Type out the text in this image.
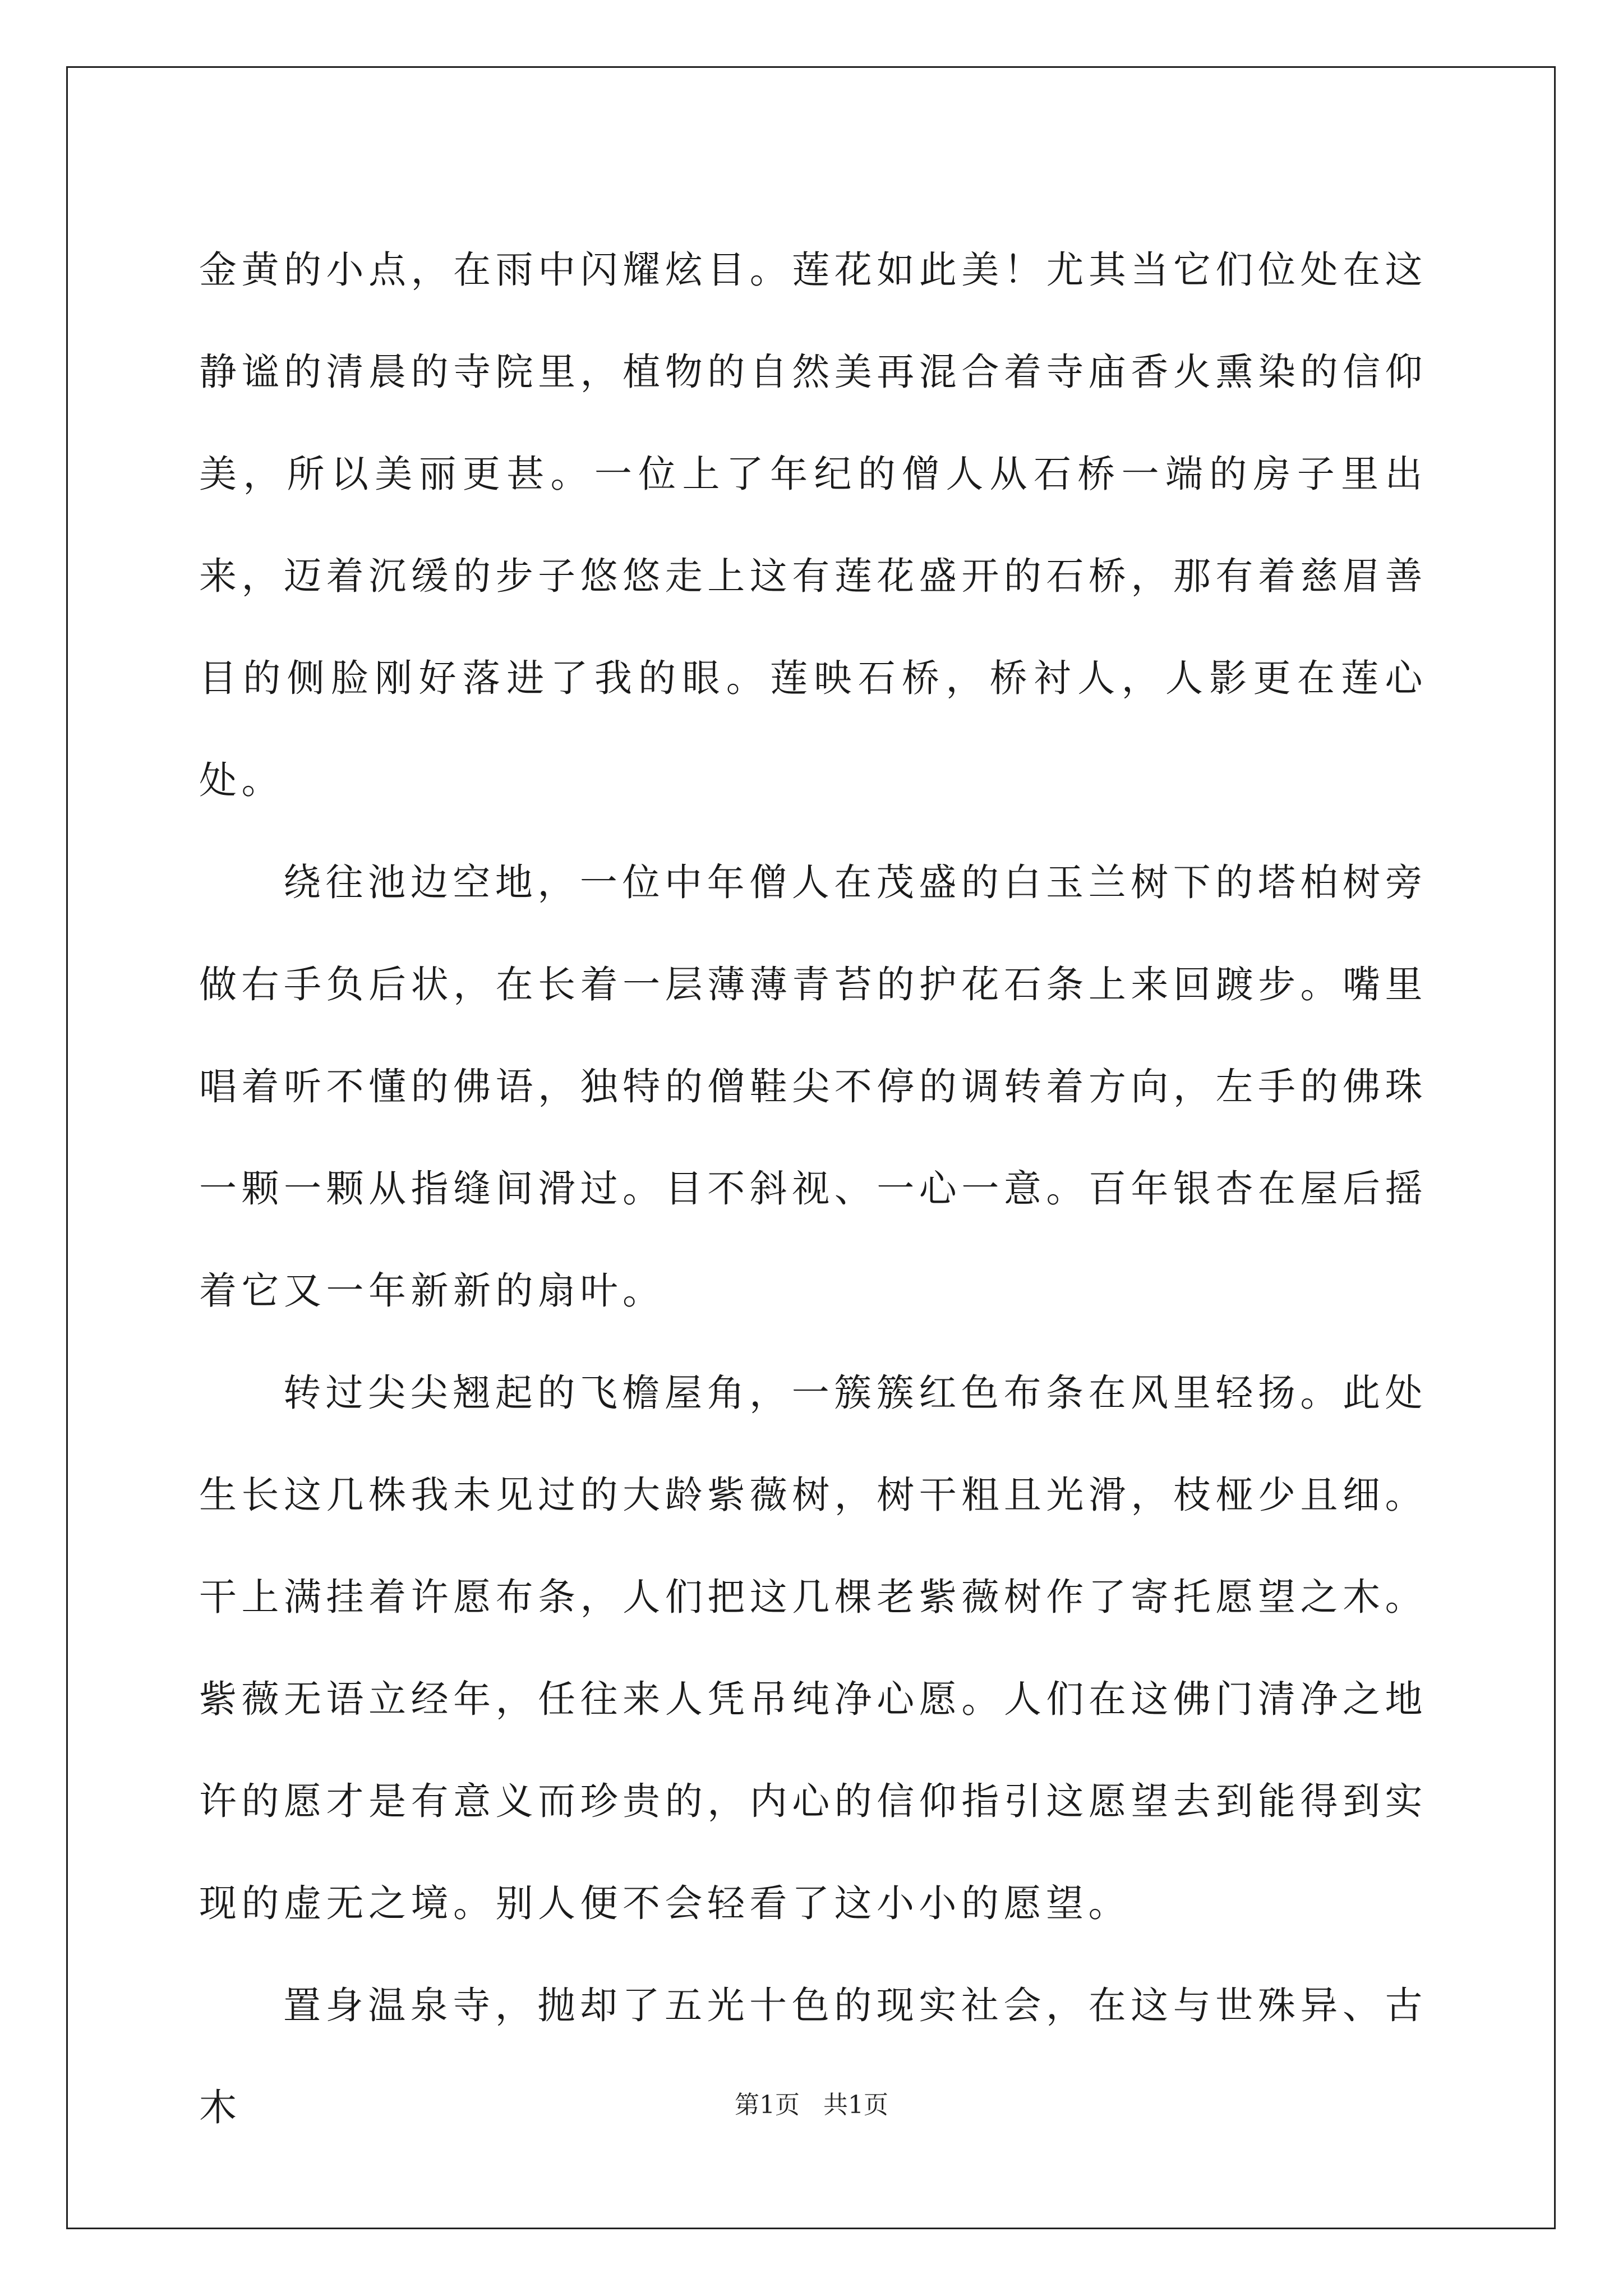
金黄的小点，在雨中闪耀炫目。莲花如此美！尤其当它们位处在这静谧的清晨的寺院里，植物的自然美再混合着寺庙香火熏染的信仰美，所以美丽更甚。一位上了年纪的僧人从石桥一端的房子里出来，迈着沉缓的步子悠悠走上这有莲花盛开的石桥，那有着慈眉善目的侧脸刚好落进了我的眼。莲映石桥，桥衬人，人影更在莲心处。

绕往池边空地，一位中年僧人在茂盛的白玉兰树下的塔柏树旁做右手负后状，在长着一层薄薄青苔的护花石条上来回踱步。嘴里唱着听不懂的佛语，独特的僧鞋尖不停的调转着方向，左手的佛珠一颗一颗从指缝间滑过。目不斜视、一心一意。百年银杏在屋后摇着它又一年新新的扇叶。

转过尖尖翘起的飞檐屋角，一簇簇红色布条在风里轻扬。此处生长这几株我未见过的大龄紫薇树，树干粗且光滑，枝桠少且细。干上满挂着许愿布条，人们把这几棵老紫薇树作了寄托愿望之木。紫薇无语立经年，任往来人凭吊纯净心愿。人们在这佛门清净之地许的愿才是有意义而珍贵的，内心的信仰指引这愿望去到能得到实现的虚无之境。别人便不会轻看了这小小的愿望。

置身温泉寺，抛却了五光十色的现实社会，在这与世殊异、古木	第1页   共1页
